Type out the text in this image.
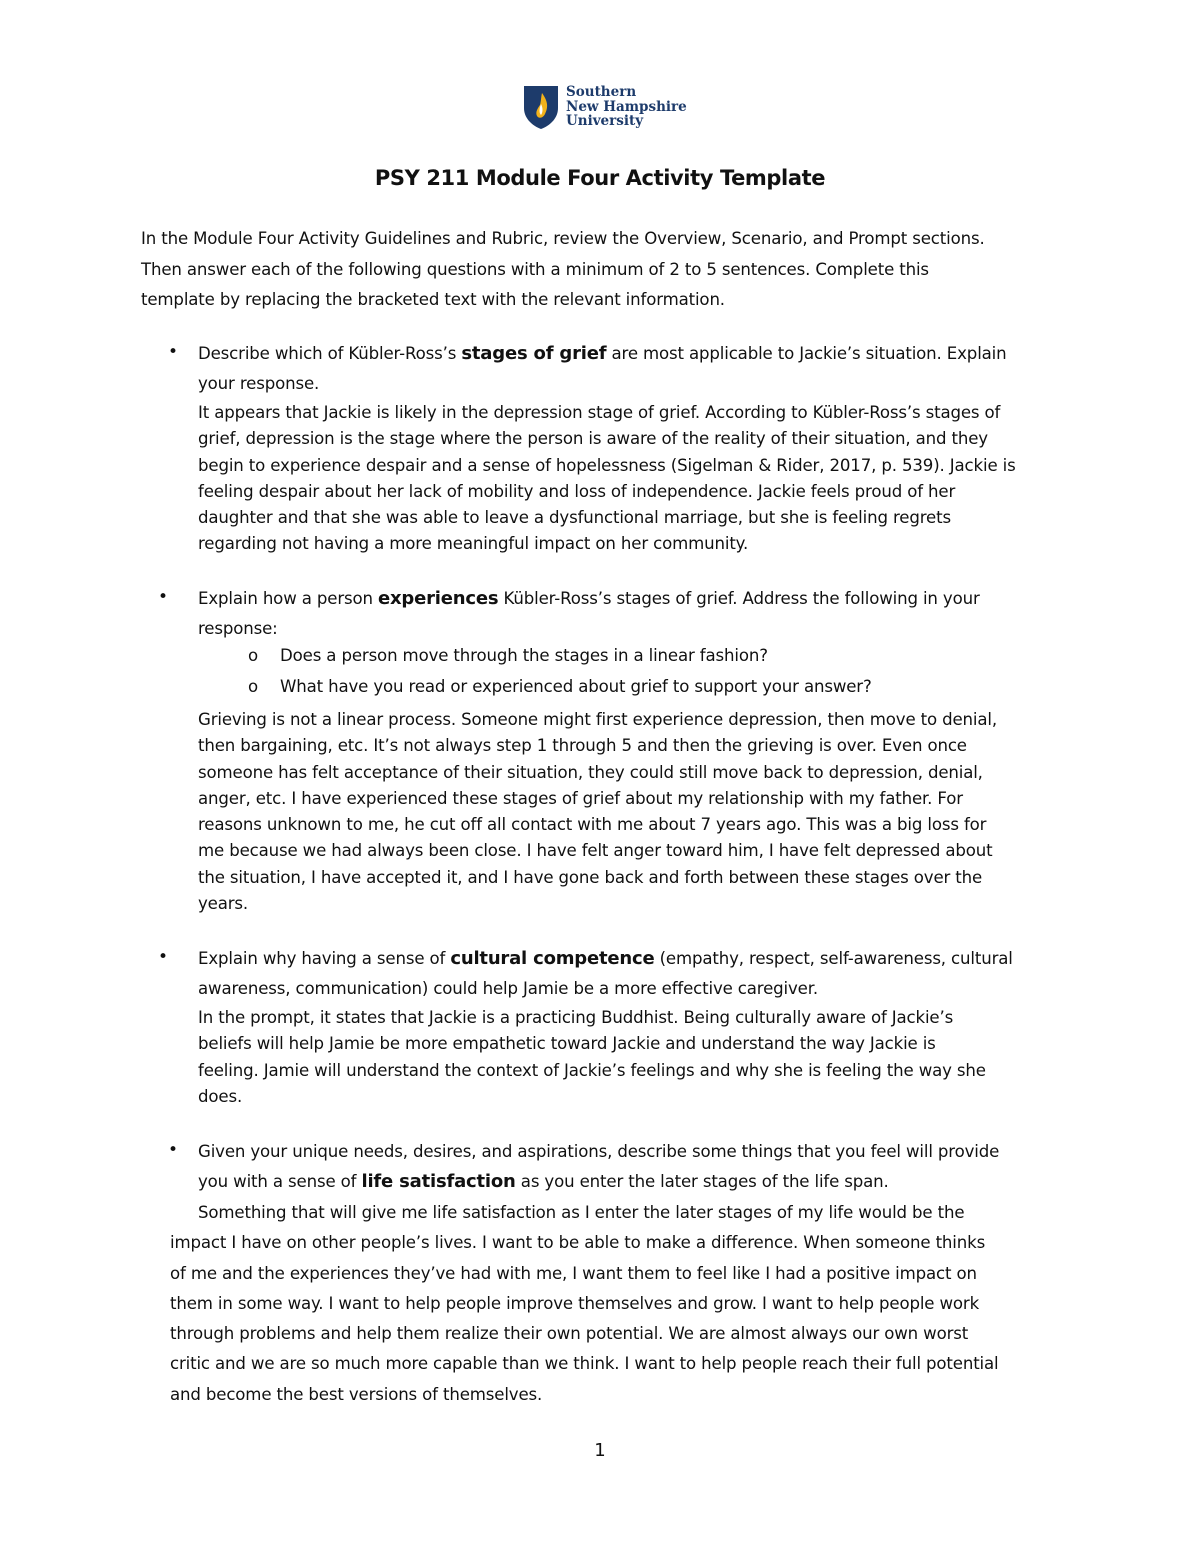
Southern
New Hampshire
University
PSY 211 Module Four Activity Template
In the Module Four Activity Guidelines and Rubric, review the Overview, Scenario, and Prompt sections.
Then answer each of the following questions with a minimum of 2 to 5 sentences. Complete this
template by replacing the bracketed text with the relevant information.
• Describe which of Kübler-Ross’s stages of grief are most applicable to Jackie’s situation. Explain
your response.
It appears that Jackie is likely in the depression stage of grief. According to Kübler-Ross’s stages of
grief, depression is the stage where the person is aware of the reality of their situation, and they
begin to experience despair and a sense of hopelessness (Sigelman & Rider, 2017, p. 539). Jackie is
feeling despair about her lack of mobility and loss of independence. Jackie feels proud of her
daughter and that she was able to leave a dysfunctional marriage, but she is feeling regrets
regarding not having a more meaningful impact on her community.
• Explain how a person experiences Kübler-Ross’s stages of grief. Address the following in your
response:
o Does a person move through the stages in a linear fashion?
o What have you read or experienced about grief to support your answer?
Grieving is not a linear process. Someone might first experience depression, then move to denial,
then bargaining, etc. It’s not always step 1 through 5 and then the grieving is over. Even once
someone has felt acceptance of their situation, they could still move back to depression, denial,
anger, etc. I have experienced these stages of grief about my relationship with my father. For
reasons unknown to me, he cut off all contact with me about 7 years ago. This was a big loss for
me because we had always been close. I have felt anger toward him, I have felt depressed about
the situation, I have accepted it, and I have gone back and forth between these stages over the
years.
• Explain why having a sense of cultural competence (empathy, respect, self-awareness, cultural
awareness, communication) could help Jamie be a more effective caregiver.
In the prompt, it states that Jackie is a practicing Buddhist. Being culturally aware of Jackie’s
beliefs will help Jamie be more empathetic toward Jackie and understand the way Jackie is
feeling. Jamie will understand the context of Jackie’s feelings and why she is feeling the way she
does.
• Given your unique needs, desires, and aspirations, describe some things that you feel will provide
you with a sense of life satisfaction as you enter the later stages of the life span.
Something that will give me life satisfaction as I enter the later stages of my life would be the
impact I have on other people’s lives. I want to be able to make a difference. When someone thinks
of me and the experiences they’ve had with me, I want them to feel like I had a positive impact on
them in some way. I want to help people improve themselves and grow. I want to help people work
through problems and help them realize their own potential. We are almost always our own worst
critic and we are so much more capable than we think. I want to help people reach their full potential
and become the best versions of themselves.
1
